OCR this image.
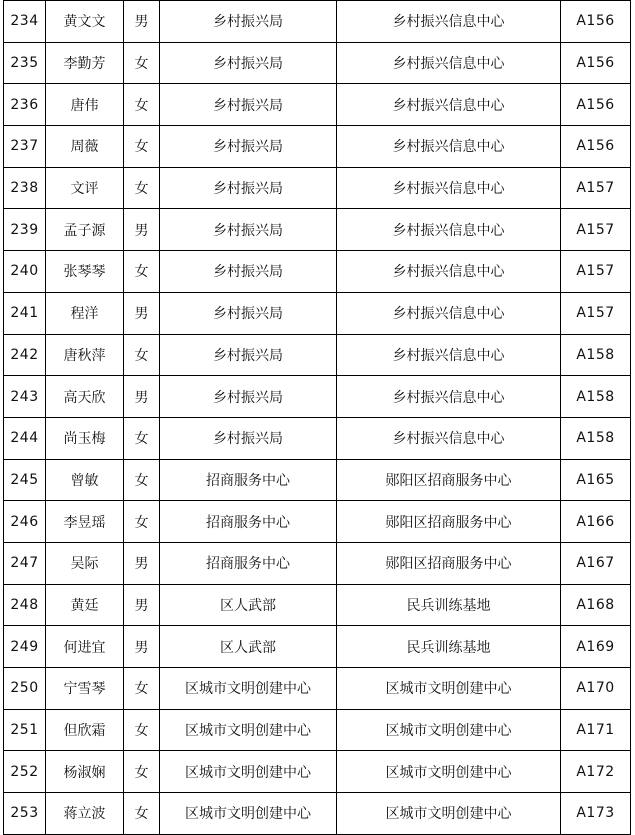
234	黄文文	男	乡村振兴局	乡村振兴信息中心	A156
235	李勤芳	女	乡村振兴局	乡村振兴信息中心	A156
236	唐伟	女	乡村振兴局	乡村振兴信息中心	A156
237	周薇	女	乡村振兴局	乡村振兴信息中心	A156
238	文评	女	乡村振兴局	乡村振兴信息中心	A157
239	孟子源	男	乡村振兴局	乡村振兴信息中心	A157
240	张琴琴	女	乡村振兴局	乡村振兴信息中心	A157
241	程洋	男	乡村振兴局	乡村振兴信息中心	A157
242	唐秋萍	女	乡村振兴局	乡村振兴信息中心	A158
243	高天欣	男	乡村振兴局	乡村振兴信息中心	A158
244	尚玉梅	女	乡村振兴局	乡村振兴信息中心	A158
245	曾敏	女	招商服务中心	郧阳区招商服务中心	A165
246	李昱瑶	女	招商服务中心	郧阳区招商服务中心	A166
247	吴际	男	招商服务中心	郧阳区招商服务中心	A167
248	黄廷	男	区人武部	民兵训练基地	A168
249	何进宜	男	区人武部	民兵训练基地	A169
250	宁雪琴	女	区城市文明创建中心	区城市文明创建中心	A170
251	但欣霜	女	区城市文明创建中心	区城市文明创建中心	A171
252	杨淑娴	女	区城市文明创建中心	区城市文明创建中心	A172
253	蒋立波	女	区城市文明创建中心	区城市文明创建中心	A173
